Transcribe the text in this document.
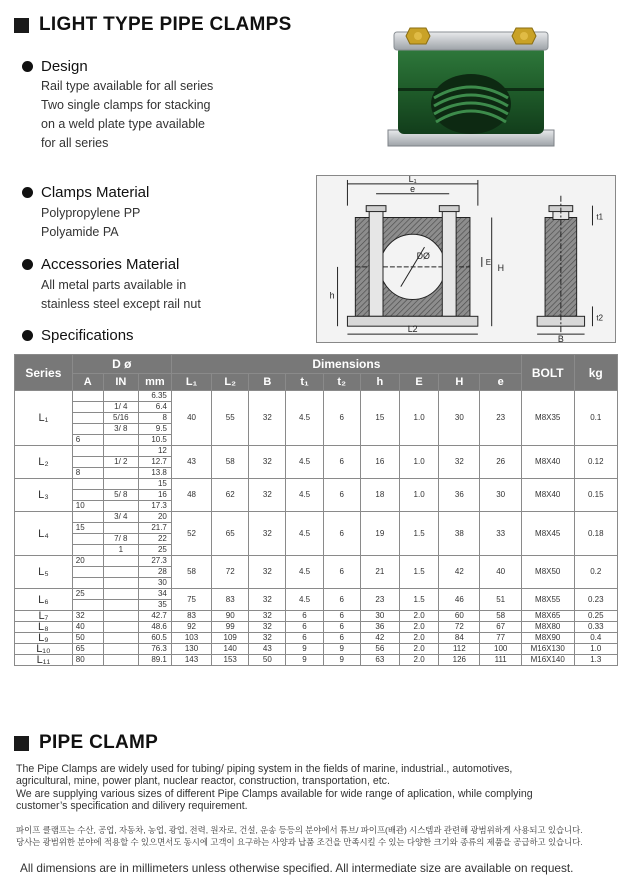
LIGHT TYPE PIPE CLAMPS
Design
Rail type available for all series
Two single clamps for stacking
on a weld plate type available
for all series
Clamps Material
Polypropylene PP
Polyamide PA
Accessories Material
All metal parts available in
stainless steel except rail nut
Specifications
L₁
e
DØ
E
H
h
L2
t1
t2
B
Series	D ø			Dimensions									BOLT	kg
	A	IN	mm	L₁	L₂	B	t₁	t₂	h	E	H	e		
L₁			6.35	40	55	32	4.5	6	15	1.0	30	23	M8X35	0.1
		1/ 4	6.4											
		5/16	8											
		3/ 8	9.5											
	6		10.5											
L₂			12	43	58	32	4.5	6	16	1.0	32	26	M8X40	0.12
		1/ 2	12.7											
	8		13.8											
L₃			15	48	62	32	4.5	6	18	1.0	36	30	M8X40	0.15
		5/ 8	16											
	10		17.3											
L₄		3/ 4	20	52	65	32	4.5	6	19	1.5	38	33	M8X45	0.18
	15		21.7											
		7/ 8	22											
		1	25											
L₅	20		27.3	58	72	32	4.5	6	21	1.5	42	40	M8X50	0.2
			28											
			30											
L₆	25		34	75	83	32	4.5	6	23	1.5	46	51	M8X55	0.23
			35											
L₇	32		42.7	83	90	32	6	6	30	2.0	60	58	M8X65	0.25
L₈	40		48.6	92	99	32	6	6	36	2.0	72	67	M8X80	0.33
L₉	50		60.5	103	109	32	6	6	42	2.0	84	77	M8X90	0.4
L₁₀	65		76.3	130	140	43	9	9	56	2.0	112	100	M16X130	1.0
L₁₁	80		89.1	143	153	50	9	9	63	2.0	126	111	M16X140	1.3
PIPE CLAMP
The Pipe Clamps are widely used for tubing/ piping system in the fields of marine, industrial., automotives,
agricultural, mine, power plant, nuclear reactor, construction, transportation, etc.
We are supplying various sizes of different Pipe Clamps available for wide range of aplication, while complying
customer’s specification and dilivery requirement.
파이프 클램프는 수산, 공업, 자동차, 농업, 광업, 전력, 원자로, 건설, 운송 등등의 분야에서 튜브/ 파이프(배관) 시스템과 관련해 광범위하게 사용되고 있습니다.
당사는 광범위한 분야에 적용할 수 있으면서도 동시에 고객이 요구하는 사양과 납품 조건을 만족시킬 수 있는 다양한 크기와 종류의 제품을 공급하고 있습니다.
All dimensions are in millimeters unless otherwise specified. All intermediate size are available on request.
